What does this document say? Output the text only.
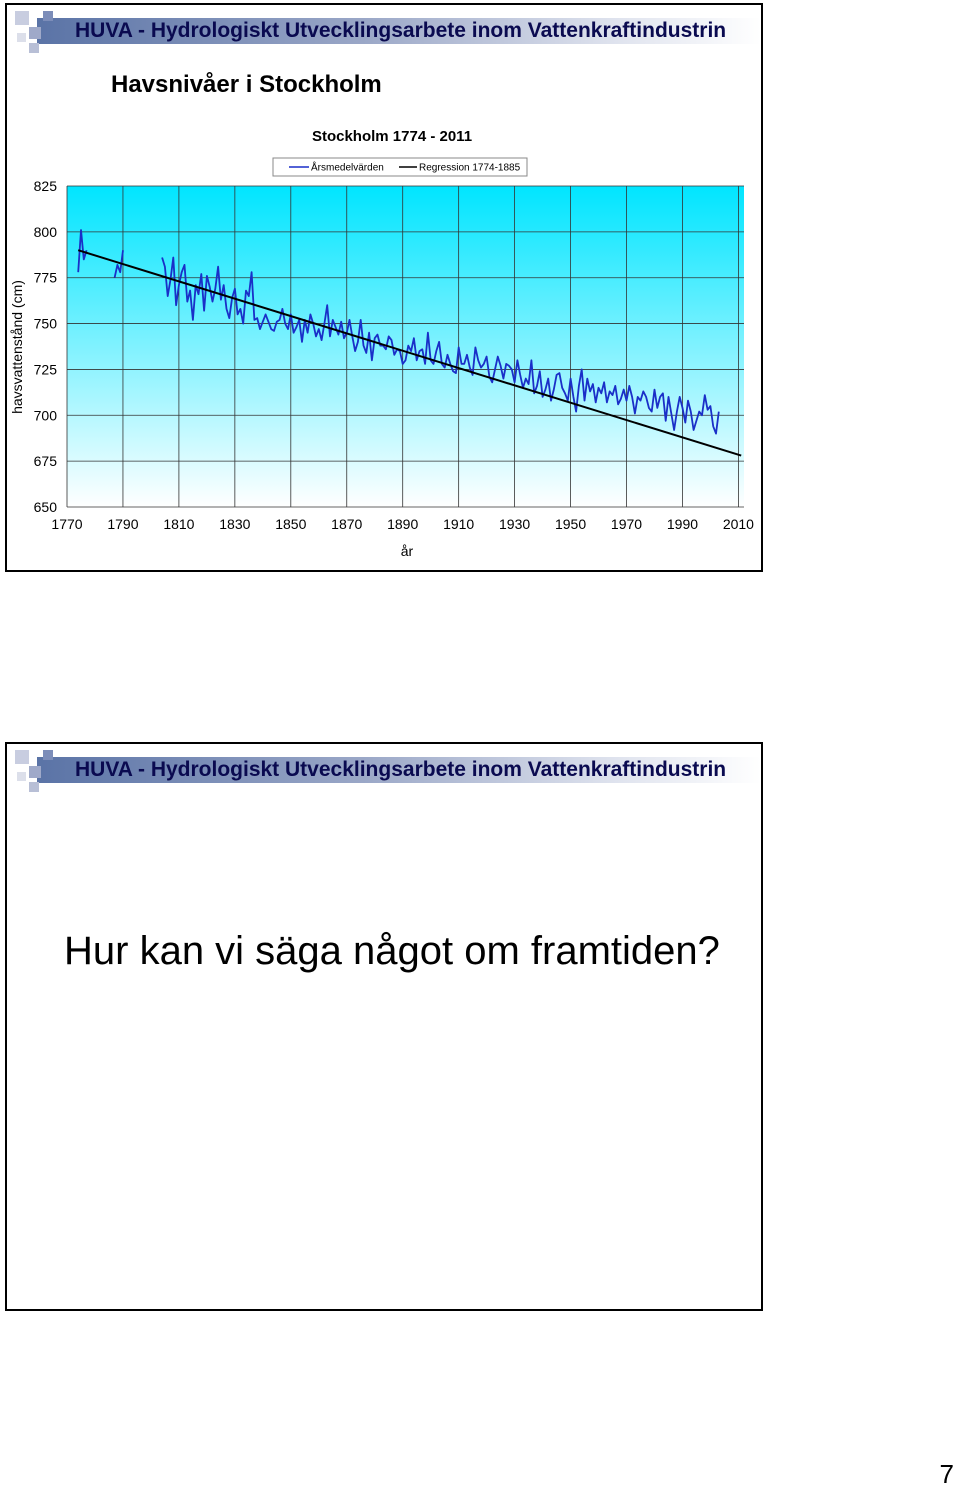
HUVA - Hydrologiskt Utvecklingsarbete inom Vattenkraftindustrin
Havsnivåer i Stockholm
Stockholm 1774 - 2011
Årsmedelvärden	Regression 1774-1885
650
675
700
725
750
775
800
825
1770 1790 1810 1830 1850 1870 1890 1910 1930 1950 1970 1990 2010
havsvattenstånd (cm)
år
HUVA - Hydrologiskt Utvecklingsarbete inom Vattenkraftindustrin
Hur kan vi säga något om framtiden?
7
